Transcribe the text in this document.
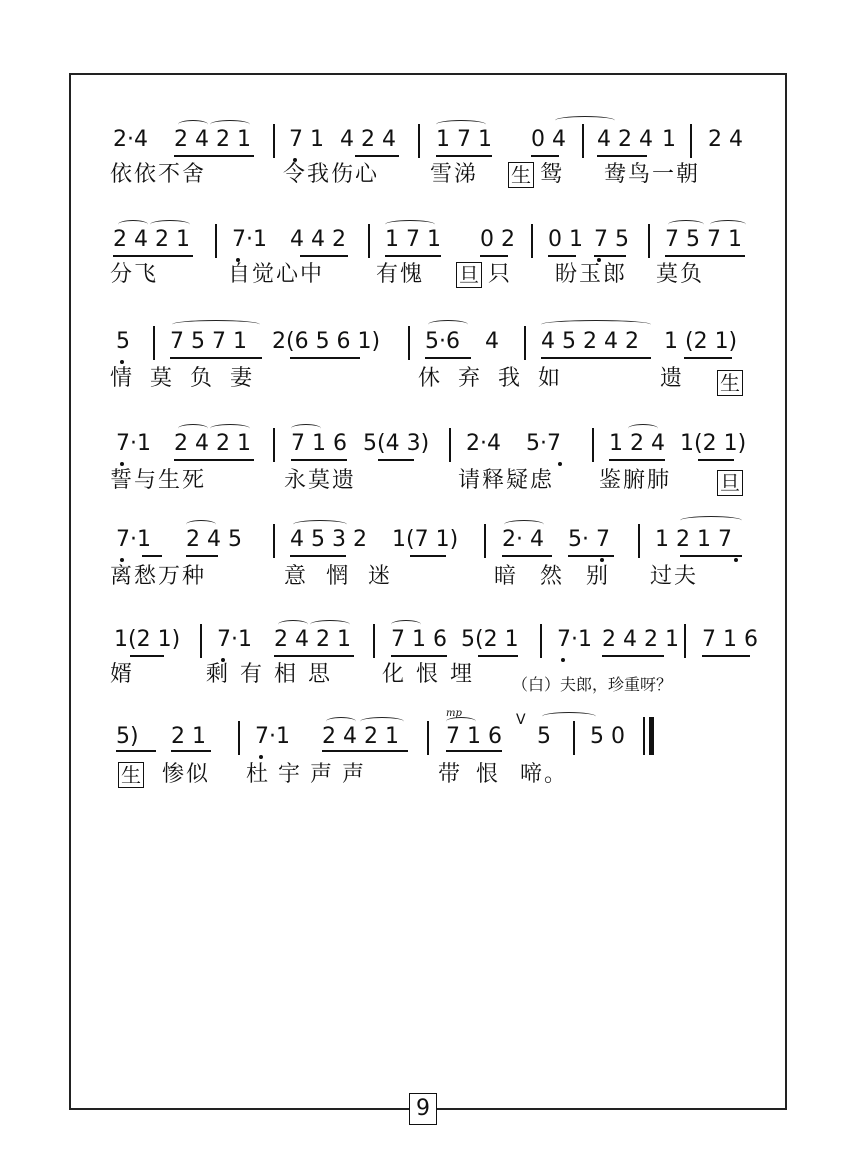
2·4 2 4 2 1 7 1 4 2 4 1 7 1 0 4 4 2 4 1 2 4
依依不舍	令我伤心 雪涕 生 鸳 鸯鸟一朝
2 4 2 1 7·1 4 4 2 1 7 1 0 2 0 1 7 5 7 5 7 1
分飞	自觉心中 有愧 旦 只 盼玉郎 莫负
5 7 5 7 1 2(6 5 6 1) 5·6 4 4 5 2 4 2 1 (2 1)
情莫负妻	休弃我如	遗 生
7·1 2 4 2 1 7 1 6 5(4 3) 2·4 5·7 1 2 4 1(2 1)
誓与生死	永莫遗	请释疑虑 鉴腑肺 旦
7·1 2 4 5 4 5 3 2 1(7 1) 2· 4 5· 7 1 2 1 7
离愁万种	意惘迷	暗然别 过夫
1(2 1) 7·1 2 4 2 1 7 1 6 5(2 1 7·1 2 4 2 1 7 1 6
婿	剩有相思 化恨埋 （白）夫郎，珍重呀？
5) 2 1 7·1 2 4 2 1
mp
7 1 6
V
5 5 0
生 惨似 杜宇声声	带恨 啼。
9
